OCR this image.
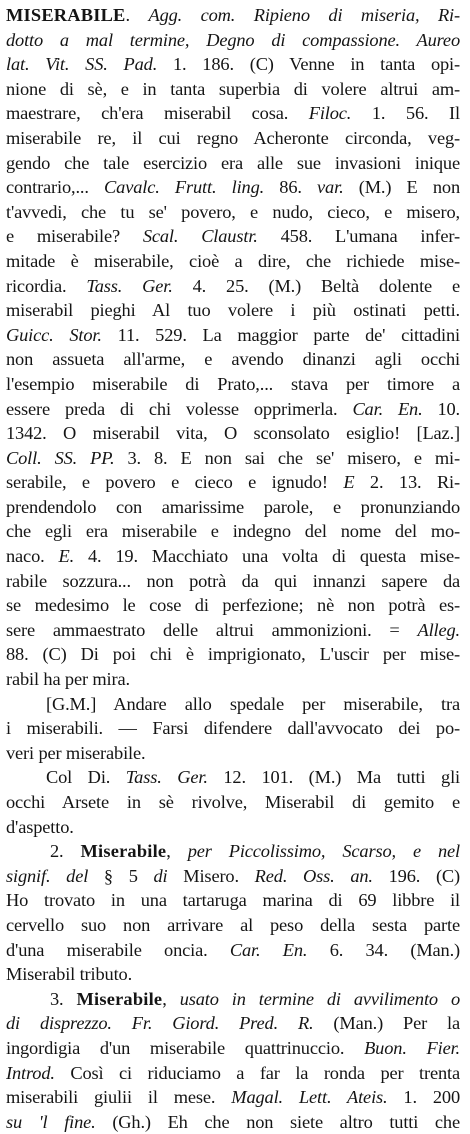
MISERABILE. Agg. com. Ripieno di miseria, Ri-
dotto a mal termine, Degno di compassione. Aureo
lat. Vit. SS. Pad. 1. 186. (C) Venne in tanta opi-
nione di sè, e in tanta superbia di volere altrui am-
maestrare, ch'era miserabil cosa. Filoc. 1. 56. Il
miserabile re, il cui regno Acheronte circonda, veg-
gendo che tale esercizio era alle sue invasioni inique
contrario,... Cavalc. Frutt. ling. 86. var. (M.) E non
t'avvedi, che tu se' povero, e nudo, cieco, e misero,
e miserabile? Scal. Claustr. 458. L'umana infer-
mitade è miserabile, cioè a dire, che richiede mise-
ricordia. Tass. Ger. 4. 25. (M.) Beltà dolente e
miserabil pieghi Al tuo volere i più ostinati petti.
Guicc. Stor. 11. 529. La maggior parte de' cittadini
non assueta all'arme, e avendo dinanzi agli occhi
l'esempio miserabile di Prato,... stava per timore a
essere preda di chi volesse opprimerla. Car. En. 10.
1342. O miserabil vita, O sconsolato esiglio! [Laz.]
Coll. SS. PP. 3. 8. E non sai che se' misero, e mi-
serabile, e povero e cieco e ignudo! E 2. 13. Ri-
prendendolo con amarissime parole, e pronunziando
che egli era miserabile e indegno del nome del mo-
naco. E. 4. 19. Macchiato una volta di questa mise-
rabile sozzura... non potrà da qui innanzi sapere da
se medesimo le cose di perfezione; nè non potrà es-
sere ammaestrato delle altrui ammonizioni. = Alleg.
88. (C) Di poi chi è imprigionato, L'uscir per mise-
rabil ha per mira.
[G.M.] Andare allo spedale per miserabile, tra
i miserabili. — Farsi difendere dall'avvocato dei po-
veri per miserabile.
Col Di. Tass. Ger. 12. 101. (M.) Ma tutti gli
occhi Arsete in sè rivolve, Miserabil di gemito e
d'aspetto.
2. Miserabile, per Piccolissimo, Scarso, e nel
signif. del § 5 di Misero. Red. Oss. an. 196. (C)
Ho trovato in una tartaruga marina di 69 libbre il
cervello suo non arrivare al peso della sesta parte
d'una miserabile oncia. Car. En. 6. 34. (Man.)
Miserabil tributo.
3. Miserabile, usato in termine di avvilimento o
di disprezzo. Fr. Giord. Pred. R. (Man.) Per la
ingordigia d'un miserabile quattrinuccio. Buon. Fier.
Introd. Così ci riduciamo a far la ronda per trenta
miserabili giulii il mese. Magal. Lett. Ateis. 1. 200
su 'l fine. (Gh.) Eh che non siete altro tutti che
